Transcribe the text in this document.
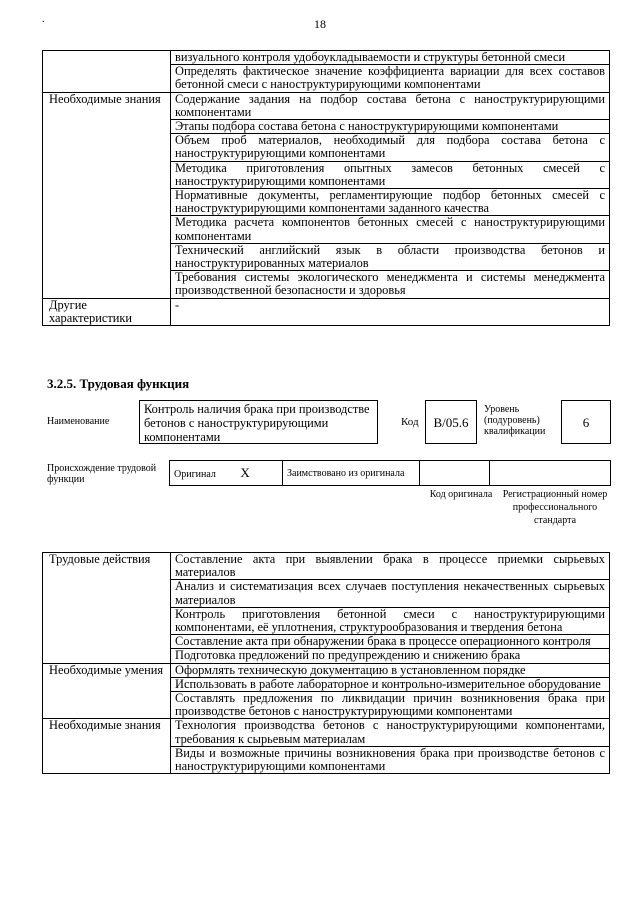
.	18
	визуального контроля удобоукладываемости и структуры бетонной смеси
	Определять фактическое значение коэффициента вариации для всех составов бетонной смеси с наноструктурирующими компонентами
Необходимые знания	Содержание задания на подбор состава бетона с наноструктурирующими компонентами
	Этапы подбора состава бетона с наноструктурирующими компонентами
	Объем проб материалов, необходимый для подбора состава бетона с наноструктурирующими компонентами
	Методика приготовления опытных замесов бетонных смесей с наноструктурирующими компонентами
	Нормативные документы, регламентирующие подбор бетонных смесей с наноструктурирующими компонентами заданного качества
	Методика расчета компонентов бетонных смесей с наноструктурирующими компонентами
	Технический английский язык в области производства бетонов и наноструктурированных материалов
	Требования системы экологического менеджмента и системы менеджмента производственной безопасности и здоровья
Другие характеристики	-
3.2.5. Трудовая функция
Наименование
Контроль наличия брака при производстве бетонов с наноструктурирующими компонентами
Код	B/05.6
Уровень (подуровень) квалификации
6
Происхождение трудовой функции	Оригинал X	Заимствовано из оригинала		
Код оригинала	Регистрационный номер профессионального стандарта
Трудовые действия	Составление акта при выявлении брака в процессе приемки сырьевых материалов
	Анализ и систематизация всех случаев поступления некачественных сырьевых материалов
	Контроль приготовления бетонной смеси с наноструктурирующими компонентами, её уплотнения, структурообразования и твердения бетона
	Составление акта при обнаружении брака в процессе операционного контроля
	Подготовка предложений по предупреждению и снижению брака
Необходимые умения	Оформлять техническую документацию в установленном порядке
	Использовать в работе лабораторное и контрольно-измерительное оборудование
	Составлять предложения по ликвидации причин возникновения брака при производстве бетонов с наноструктурирующими компонентами
Необходимые знания	Технология производства бетонов с наноструктурирующими компонентами, требования к сырьевым материалам
	Виды и возможные причины возникновения брака при производстве бетонов с наноструктурирующими компонентами
